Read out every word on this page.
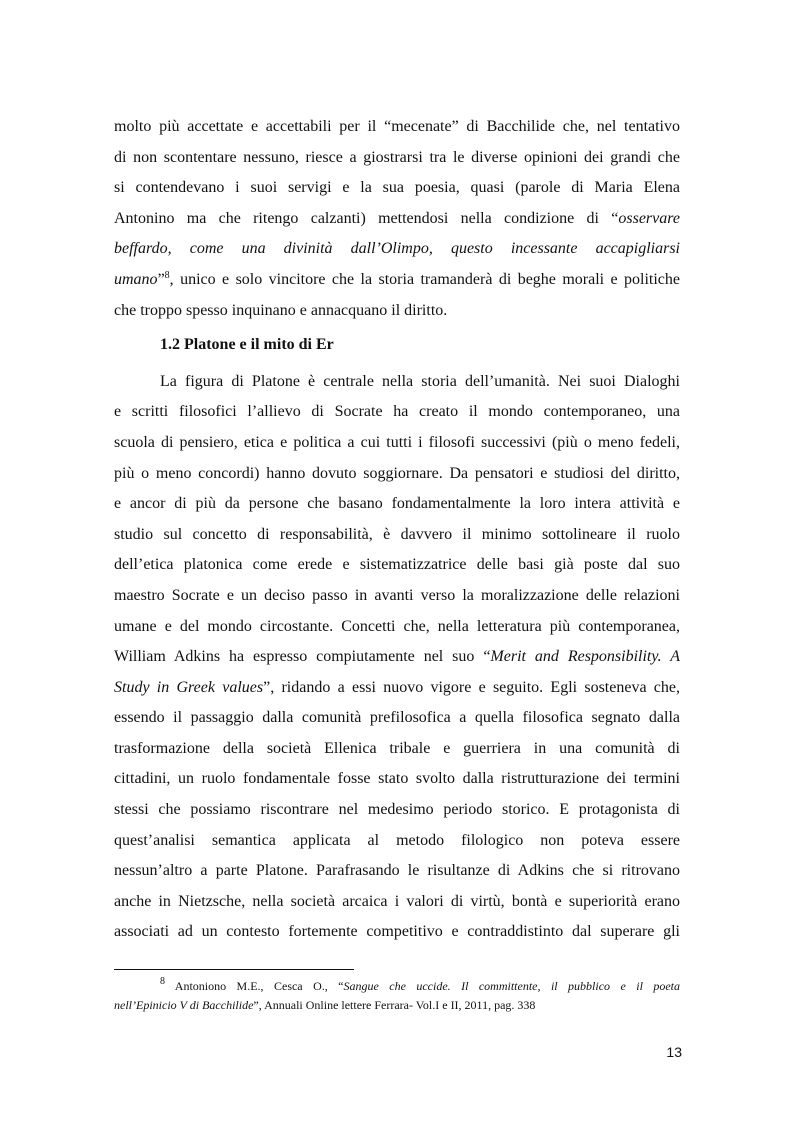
molto più accettate e accettabili per il “mecenate” di Bacchilide che, nel tentativo
di non scontentare nessuno, riesce a giostrarsi tra le diverse opinioni dei grandi che
si contendevano i suoi servigi e la sua poesia, quasi (parole di Maria Elena
Antonino ma che ritengo calzanti) mettendosi nella condizione di “osservare
beffardo, come una divinità dall’Olimpo, questo incessante accapigliarsi
umano”$^8$, unico e solo vincitore che la storia tramanderà di beghe morali e politiche
che troppo spesso inquinano e annacquano il diritto.
1.2 Platone e il mito di Er
La figura di Platone è centrale nella storia dell’umanità. Nei suoi Dialoghi
e scritti filosofici l’allievo di Socrate ha creato il mondo contemporaneo, una
scuola di pensiero, etica e politica a cui tutti i filosofi successivi (più o meno fedeli,
più o meno concordi) hanno dovuto soggiornare. Da pensatori e studiosi del diritto,
e ancor di più da persone che basano fondamentalmente la loro intera attività e
studio sul concetto di responsabilità, è davvero il minimo sottolineare il ruolo
dell’etica platonica come erede e sistematizzatrice delle basi già poste dal suo
maestro Socrate e un deciso passo in avanti verso la moralizzazione delle relazioni
umane e del mondo circostante. Concetti che, nella letteratura più contemporanea,
William Adkins ha espresso compiutamente nel suo “Merit and Responsibility. A
Study in Greek values”, ridando a essi nuovo vigore e seguito. Egli sosteneva che,
essendo il passaggio dalla comunità prefilosofica a quella filosofica segnato dalla
trasformazione della società Ellenica tribale e guerriera in una comunità di
cittadini, un ruolo fondamentale fosse stato svolto dalla ristrutturazione dei termini
stessi che possiamo riscontrare nel medesimo periodo storico. E protagonista di
quest’analisi semantica applicata al metodo filologico non poteva essere
nessun’altro a parte Platone. Parafrasando le risultanze di Adkins che si ritrovano
anche in Nietzsche, nella società arcaica i valori di virtù, bontà e superiorità erano
associati ad un contesto fortemente competitivo e contraddistinto dal superare gli
$^8$ Antoniono M.E., Cesca O., “Sangue che uccide. Il committente, il pubblico e il poeta
nell’Epinicio V di Bacchilide”, Annuali Online lettere Ferrara- Vol.I e II, 2011, pag. 338
13
